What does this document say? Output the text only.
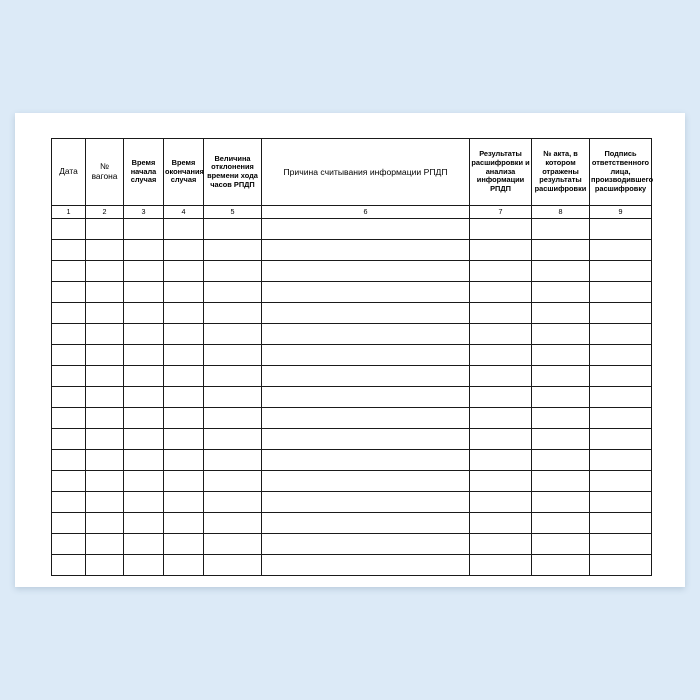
Дата	№ вагона	Время начала случая	Время окончания случая	Величина отклонения времени хода часов РПДП	Причина считывания информации РПДП	Результаты расшифровки и анализа информации РПДП	№ акта, в котором отражены результаты расшифровки	Подпись ответственного лица, производившего расшифровку
1	2	3	4	5	6	7	8	9
